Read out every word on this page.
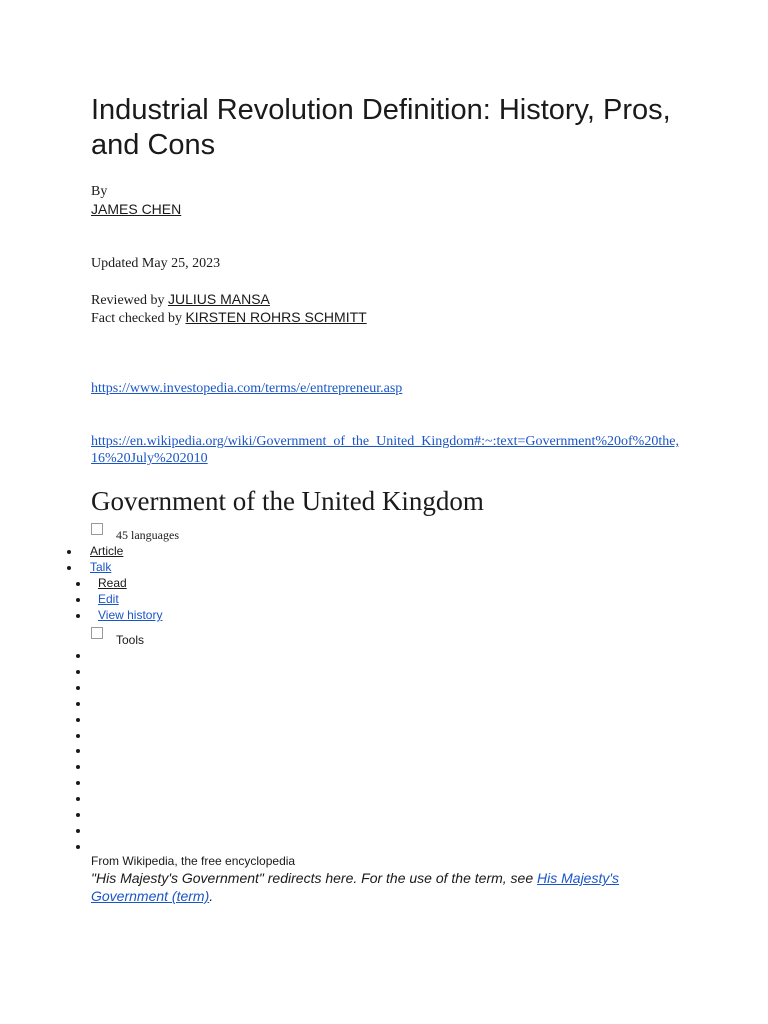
Industrial Revolution Definition: History, Pros, and Cons
By
JAMES CHEN
Updated May 25, 2023
Reviewed by JULIUS MANSA
Fact checked by KIRSTEN ROHRS SCHMITT
https://www.investopedia.com/terms/e/entrepreneur.asp
https://en.wikipedia.org/wiki/Government_of_the_United_Kingdom#:~:text=Government%20of%20the,16%20July%202010
Government of the United Kingdom
45 languages
Article
Talk
Read
Edit
View history
Tools
From Wikipedia, the free encyclopedia
"His Majesty's Government" redirects here. For the use of the term, see His Majesty's Government (term).
